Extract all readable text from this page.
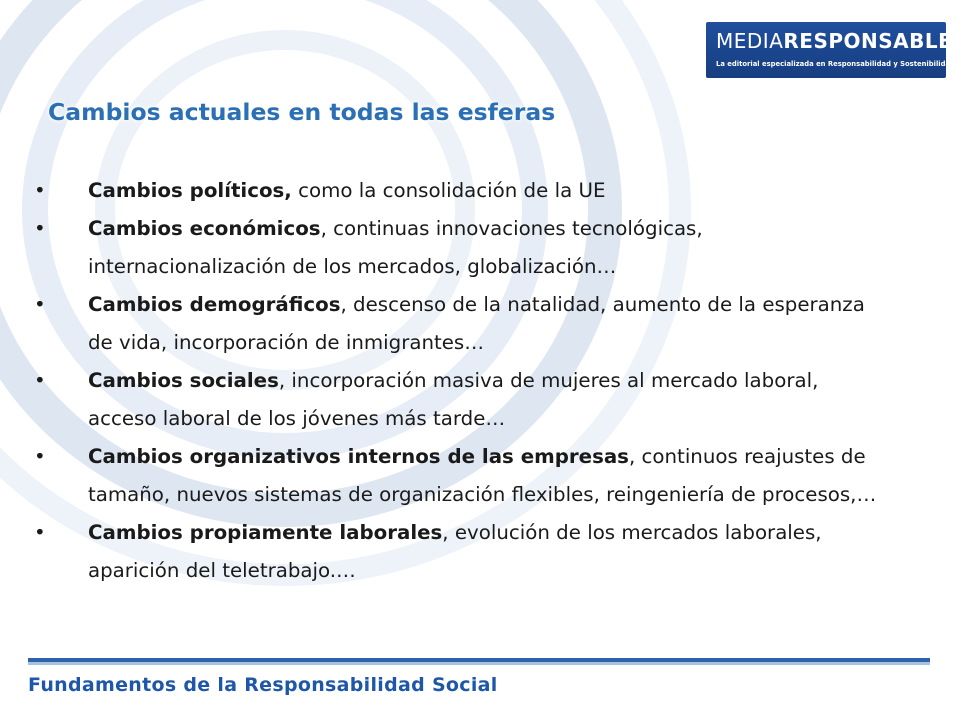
MEDIARESPONSABLE®
La editorial especializada en Responsabilidad y Sostenibilidad
Cambios actuales en todas las esferas
• Cambios políticos, como la consolidación de la UE
• Cambios económicos, continuas innovaciones tecnológicas, internacionalización de los mercados, globalización…
• Cambios demográficos, descenso de la natalidad, aumento de la esperanza de vida, incorporación de inmigrantes…
• Cambios sociales, incorporación masiva de mujeres al mercado laboral, acceso laboral de los jóvenes más tarde…
• Cambios organizativos internos de las empresas, continuos reajustes de tamaño, nuevos sistemas de organización flexibles, reingeniería de procesos,…
• Cambios propiamente laborales, evolución de los mercados laborales, aparición del teletrabajo.…
Fundamentos de la Responsabilidad Social
